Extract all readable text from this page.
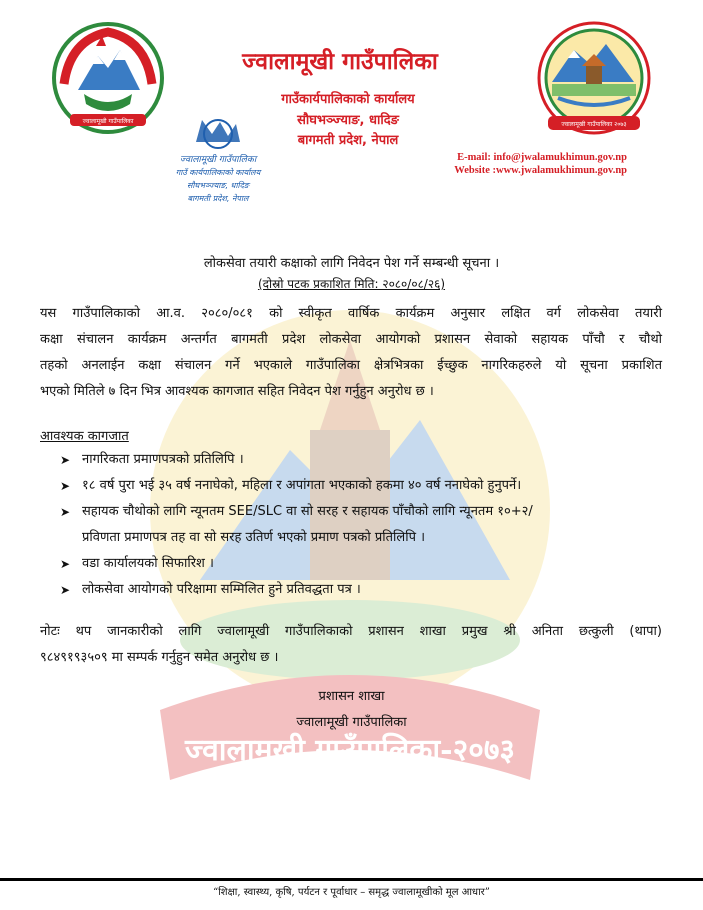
ज्वालामूखी गाउँपालिका-२०७३
ज्वालामूखी गाउँपालिका	ज्वालामूखी गाउँपालिका २०७३
ज्वालामूखी गाउँपालिका
गाउँ कार्यपालिकाको कार्यालय
सौघभञ्ज्याङ, धादिङ
बागमती प्रदेश, नेपाल
ज्वालामूखी गाउँपालिका
गाउँकार्यपालिकाको कार्यालय
सौघभञ्ज्याङ, धादिङ
बागमती प्रदेश, नेपाल
E-mail: info@jwalamukhimun.gov.np
Website :www.jwalamukhimun.gov.np
लोकसेवा तयारी कक्षाको लागि निवेदन पेश गर्ने सम्बन्धी सूचना ।
(दोस्रो पटक प्रकाशित मिति: २०८०/०८/२६)
यस गाउँपालिकाको आ.व. २०८०/०८१ को स्वीकृत वार्षिक कार्यक्रम अनुसार लक्षित वर्ग लोकसेवा तयारी
कक्षा संचालन कार्यक्रम अन्तर्गत बागमती प्रदेश लोकसेवा आयोगको प्रशासन सेवाको सहायक पाँचौ र चौथो
तहको अनलाईन कक्षा संचालन गर्ने भएकाले गाउँपालिका क्षेत्रभित्रका ईच्छुक नागरिकहरुले यो सूचना प्रकाशित
भएको मितिले ७ दिन भित्र आवश्यक कागजात सहित निवेदन पेश गर्नुहुन अनुरोध छ ।
आवश्यक कागजात
➤ नागरिकता प्रमाणपत्रको प्रतिलिपि ।
➤ १८ वर्ष पुरा भई ३५ वर्ष ननाघेको, महिला र अपांगता भएकाको हकमा ४० वर्ष ननाघेको हुनुपर्ने।
➤ सहायक चौथोको लागि न्यूनतम SEE/SLC वा सो सरह र सहायक पाँचौको लागि न्यूनतम १०+२/
प्रविणता प्रमाणपत्र तह वा सो सरह उतिर्ण भएको प्रमाण पत्रको प्रतिलिपि ।
➤ वडा कार्यालयको सिफारिश ।
➤ लोकसेवा आयोगको परिक्षामा सम्मिलित हुने प्रतिवद्धता पत्र ।
नोटः थप जानकारीको लागि ज्वालामूखी गाउँपालिकाको प्रशासन शाखा प्रमुख श्री अनिता छत्कुली (थापा)
९८४९१९३५०९ मा सम्पर्क गर्नुहुन समेत अनुरोध छ ।
प्रशासन शाखा
ज्वालामूखी गाउँपालिका
“शिक्षा, स्वास्थ्य, कृषि, पर्यटन र पूर्वाधार – समृद्ध ज्वालामूखीको मूल आधार”
